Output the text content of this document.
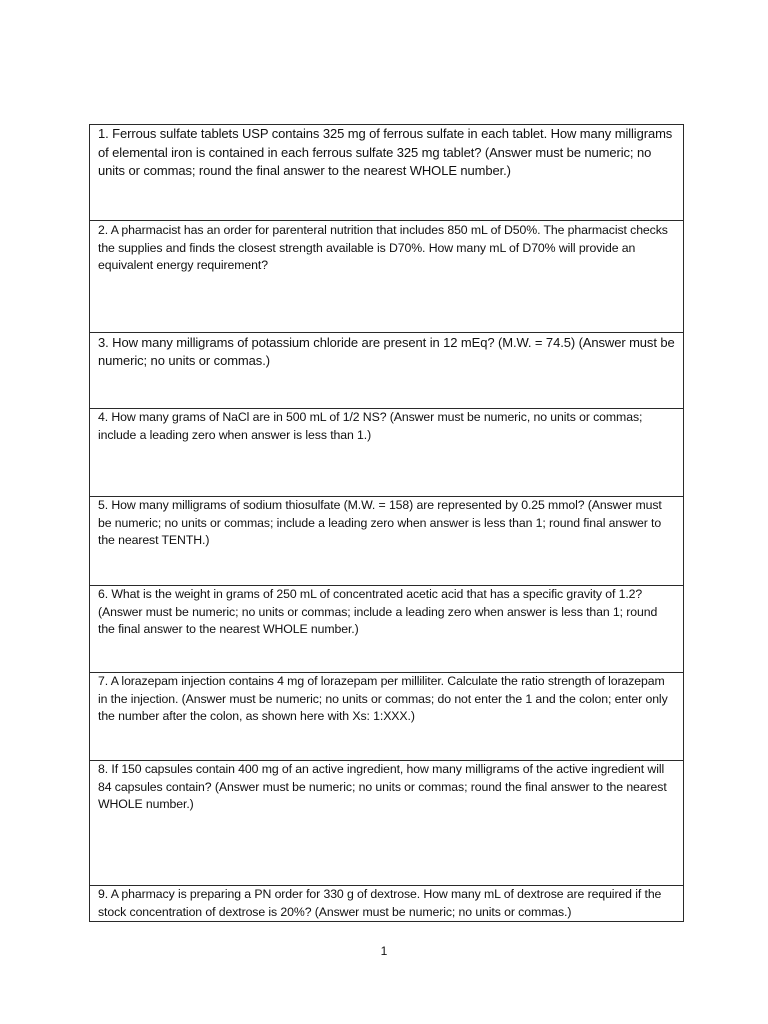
1. Ferrous sulfate tablets USP contains 325 mg of ferrous sulfate in each tablet. How many milligrams of elemental iron is contained in each ferrous sulfate 325 mg tablet? (Answer must be numeric; no units or commas; round the final answer to the nearest WHOLE number.)

2. A pharmacist has an order for parenteral nutrition that includes 850 mL of D50%. The pharmacist checks the supplies and finds the closest strength available is D70%. How many mL of D70% will provide an equivalent energy requirement?

3. How many milligrams of potassium chloride are present in 12 mEq? (M.W. = 74.5) (Answer must be numeric; no units or commas.)

4. How many grams of NaCl are in 500 mL of 1/2 NS? (Answer must be numeric, no units or commas; include a leading zero when answer is less than 1.)

5. How many milligrams of sodium thiosulfate (M.W. = 158) are represented by 0.25 mmol? (Answer must be numeric; no units or commas; include a leading zero when answer is less than 1; round final answer to the nearest TENTH.)

6. What is the weight in grams of 250 mL of concentrated acetic acid that has a specific gravity of 1.2? (Answer must be numeric; no units or commas; include a leading zero when answer is less than 1; round the final answer to the nearest WHOLE number.)

7. A lorazepam injection contains 4 mg of lorazepam per milliliter. Calculate the ratio strength of lorazepam in the injection. (Answer must be numeric; no units or commas; do not enter the 1 and the colon; enter only the number after the colon, as shown here with Xs: 1:XXX.)

8. If 150 capsules contain 400 mg of an active ingredient, how many milligrams of the active ingredient will 84 capsules contain? (Answer must be numeric; no units or commas; round the final answer to the nearest WHOLE number.)

9. A pharmacy is preparing a PN order for 330 g of dextrose. How many mL of dextrose are required if the stock concentration of dextrose is 20%? (Answer must be numeric; no units or commas.)
1
